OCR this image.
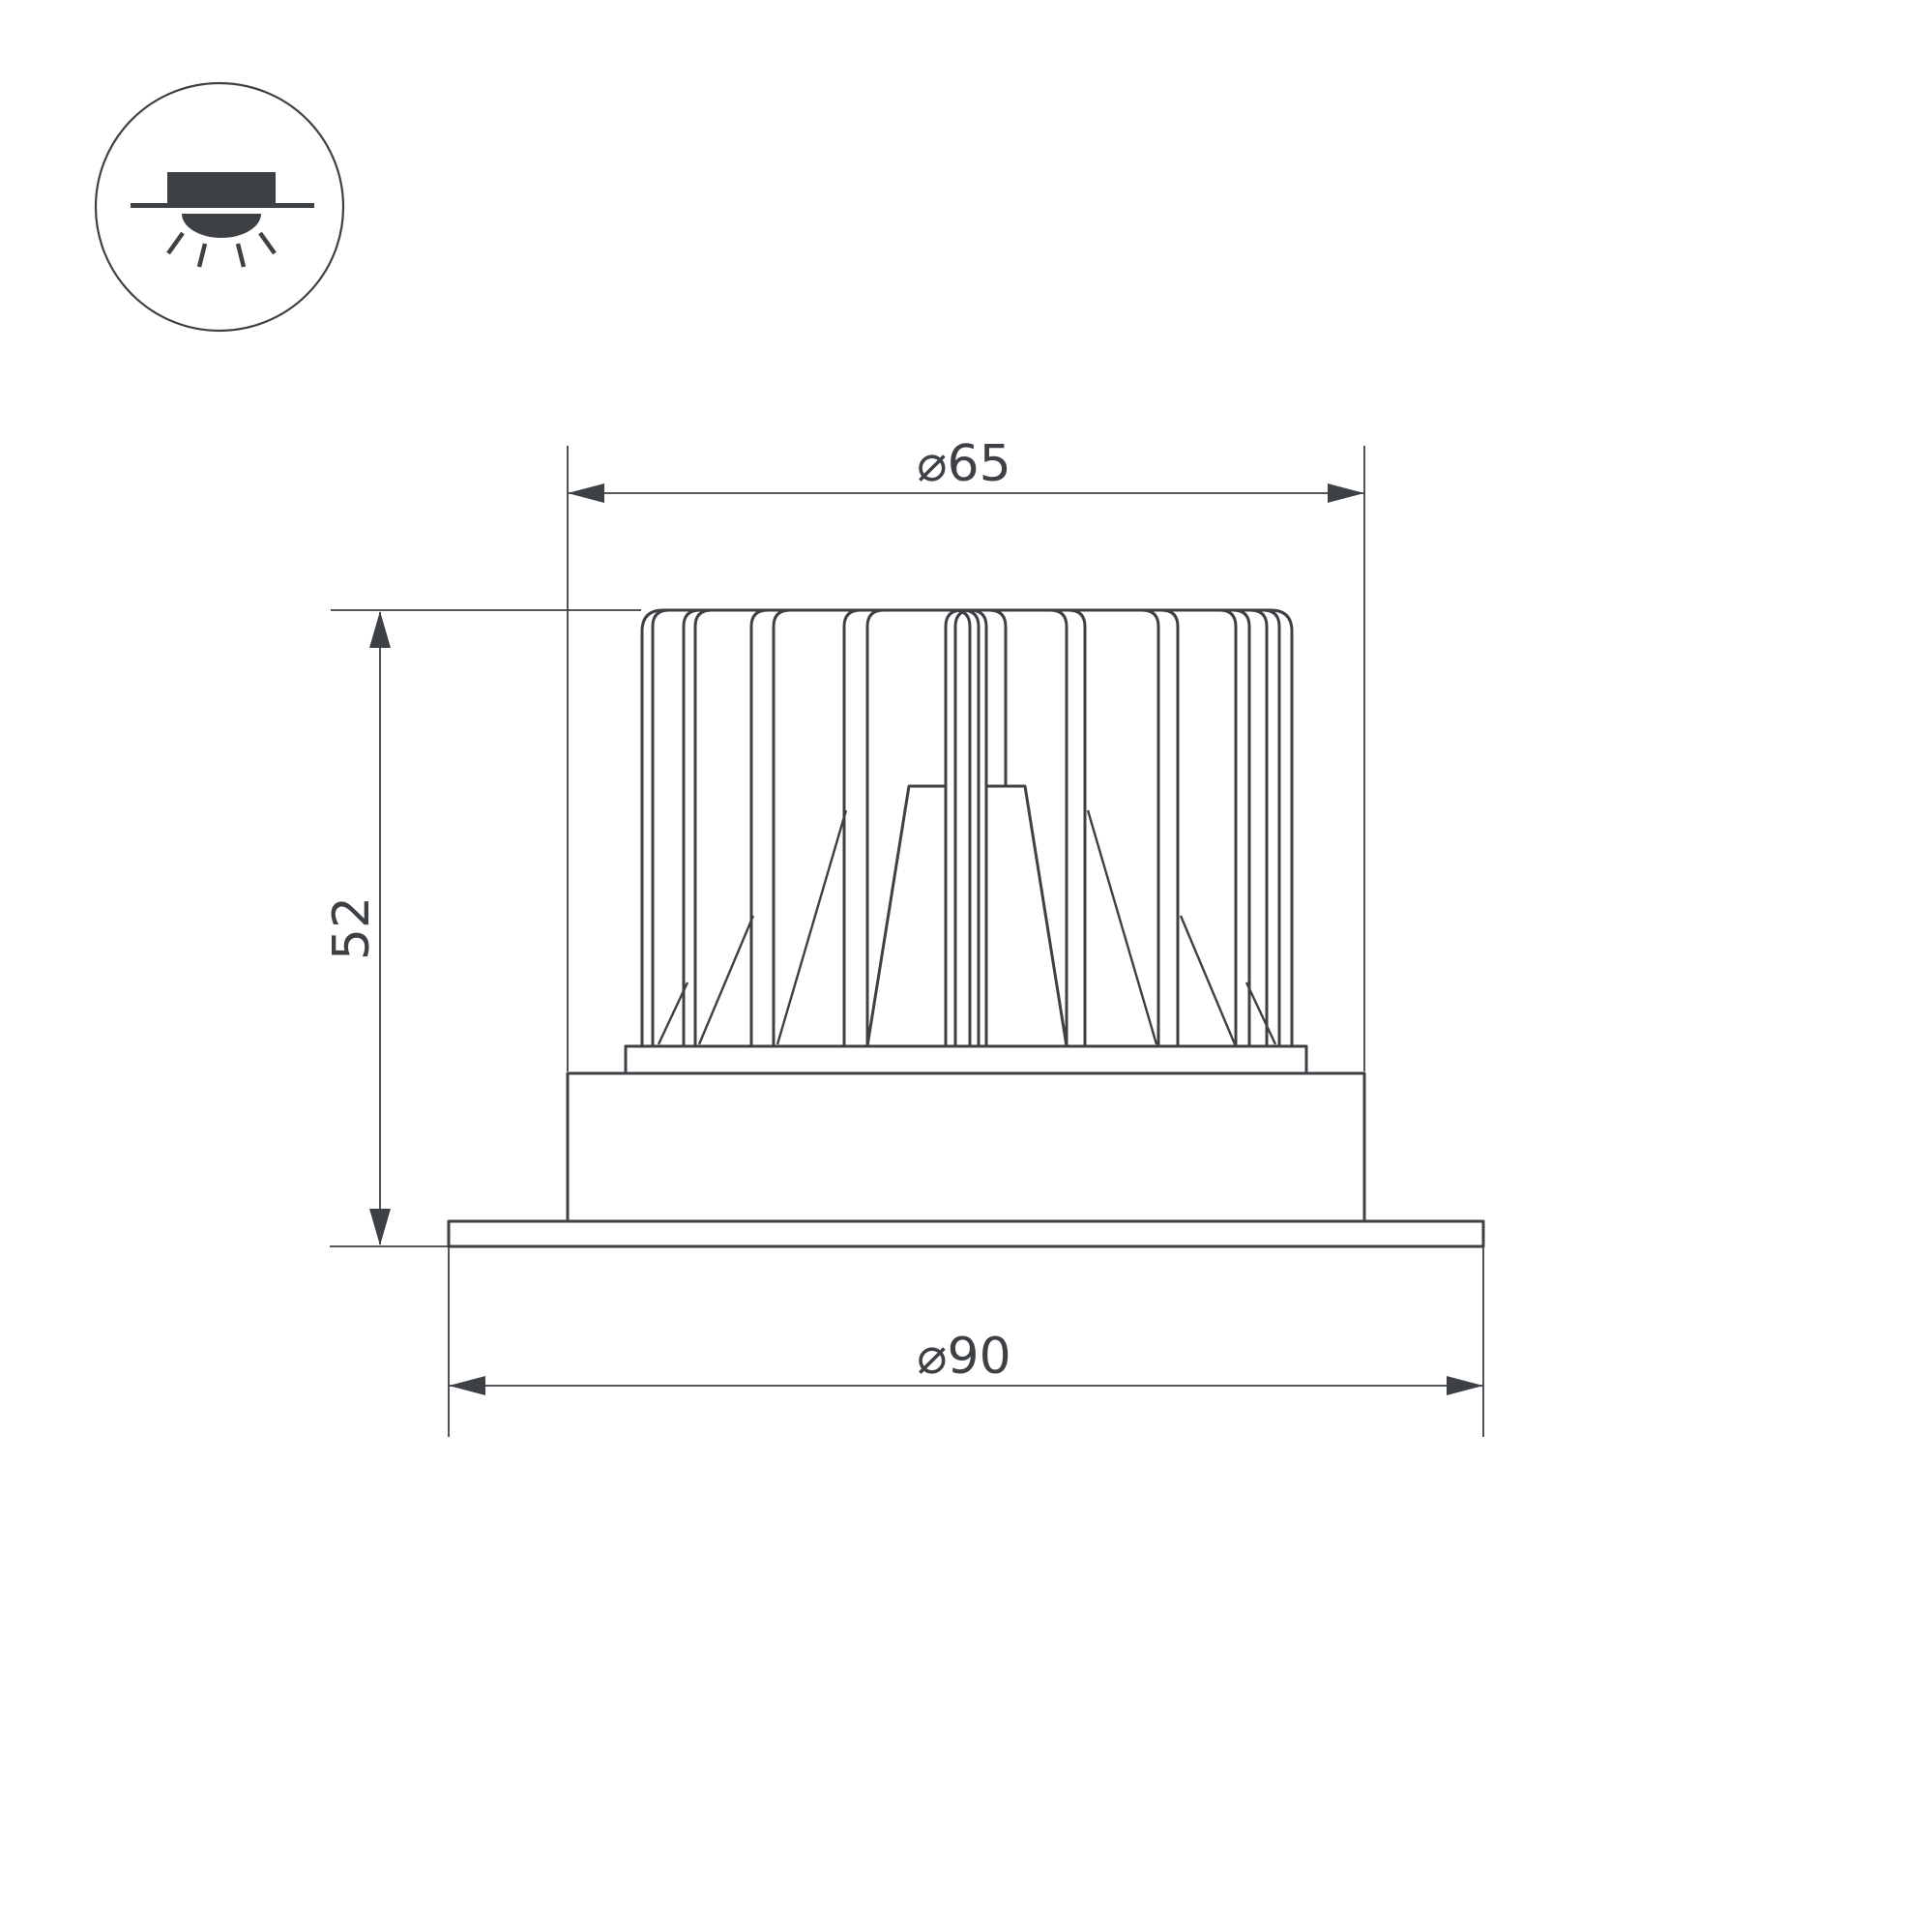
⌀65
52
⌀90
